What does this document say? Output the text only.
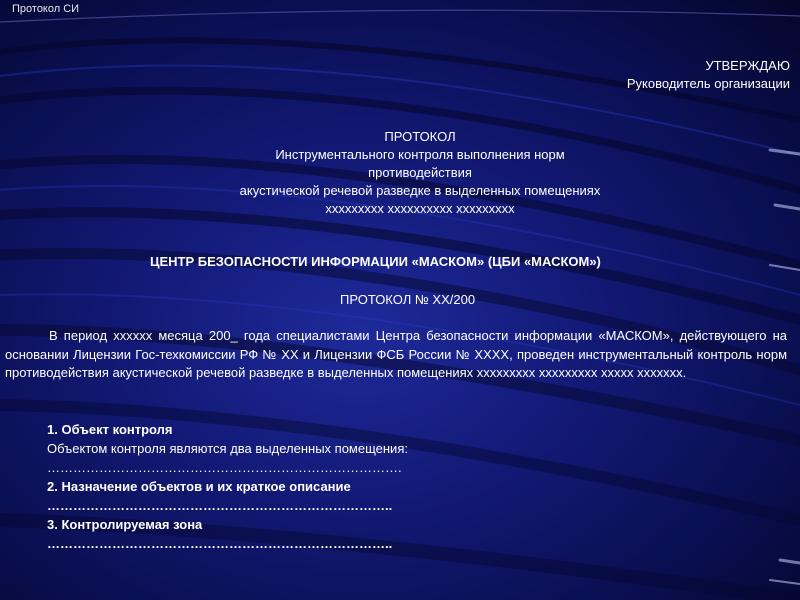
Протокол СИ
УТВЕРЖДАЮ
Руководитель организации
ПРОТОКОЛ
Инструментального контроля выполнения норм
противодействия
акустической речевой разведке в выделенных помещениях
ххххххххх хххххххххх ххххххххх
ЦЕНТР БЕЗОПАСНОСТИ ИНФОРМАЦИИ «МАСКОМ» (ЦБИ «МАСКОМ»)
ПРОТОКОЛ № ХХ/200
В период хххххх месяца 200_ года специалистами Центра безопасности информации «МАСКОМ», действующего на основании Лицензии Гос-техкомиссии РФ № ХХ и Лицензии ФСБ России № ХХХХ, проведен инструментальный контроль норм противодействия акустической речевой разведке в выделенных помещениях ххххххххх ххххххххх ххххх ххххххх.
1. Объект контроля
Объектом контроля являются два выделенных помещения:
……………………………………………………………………….
2. Назначение объектов и их краткое описание
……………………………………………………………………..
3. Контролируемая зона
……………………………………………………………………..
